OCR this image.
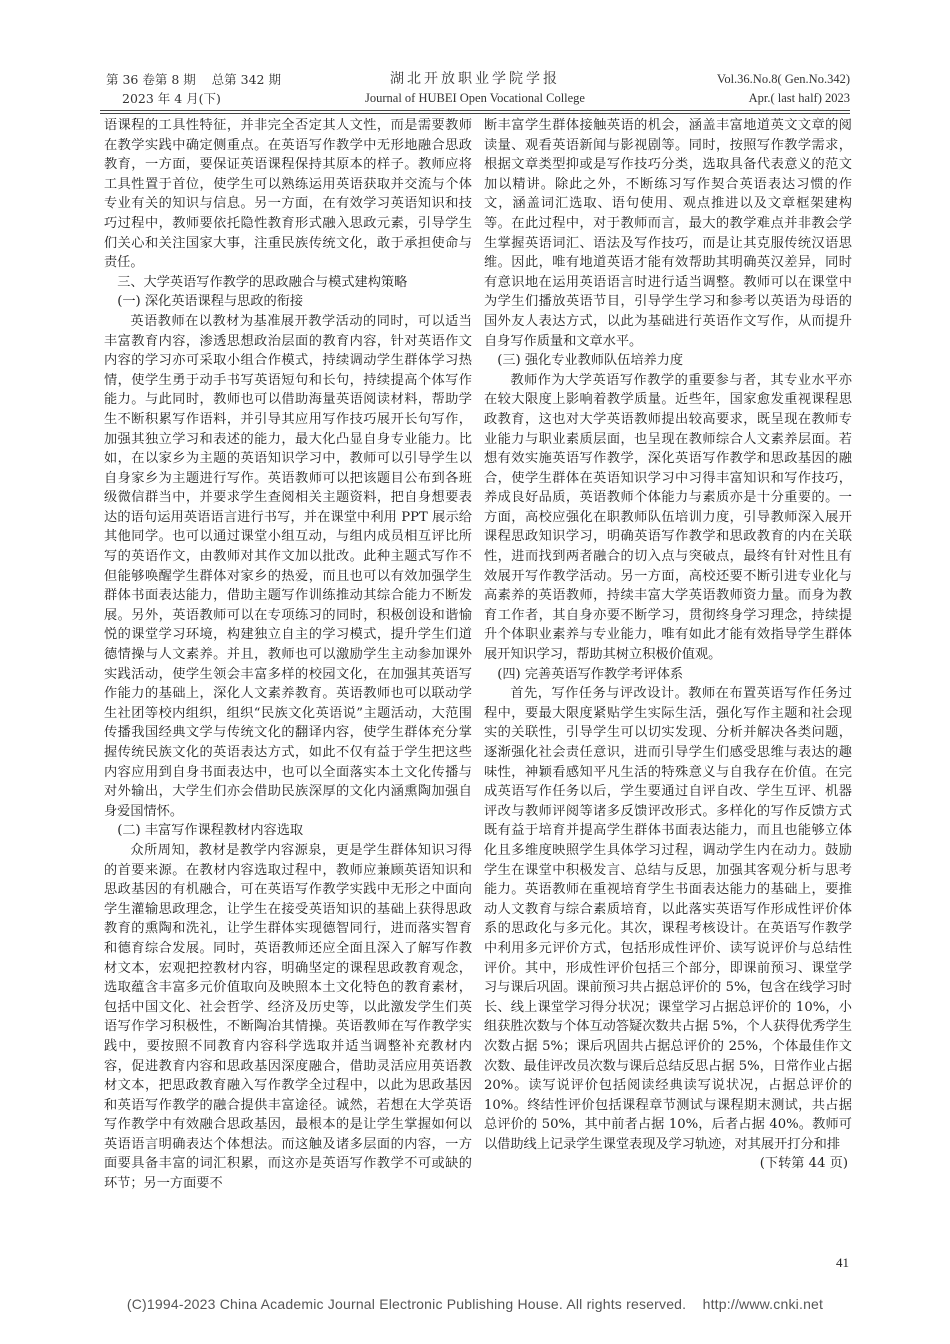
第 36 卷第 8 期    总第 342 期
2023 年 4 月(下)
湖北开放职业学院学报
Journal of HUBEI Open Vocational College
Vol.36.No.8( Gen.No.342)
Apr.( last half) 2023

语课程的工具性特征，并非完全否定其人文性，而是需要教师在教学实践中确定侧重点。在英语写作教学中无形地融合思政教育，一方面，要保证英语课程保持其原本的样子。教师应将工具性置于首位，使学生可以熟练运用英语获取并交流与个体专业有关的知识与信息。另一方面，在有效学习英语知识和技巧过程中，教师要依托隐性教育形式融入思政元素，引导学生们关心和关注国家大事，注重民族传统文化，敢于承担使命与责任。

三、大学英语写作教学的思政融合与模式建构策略
(一) 深化英语课程与思政的衔接

英语教师在以教材为基准展开教学活动的同时，可以适当丰富教育内容，渗透思想政治层面的教育内容，针对英语作文内容的学习亦可采取小组合作模式，持续调动学生群体学习热情，使学生勇于动手书写英语短句和长句，持续提高个体写作能力。与此同时，教师也可以借助海量英语阅读材料，帮助学生不断积累写作语料，并引导其应用写作技巧展开长句写作，加强其独立学习和表述的能力，最大化凸显自身专业能力。比如，在以家乡为主题的英语知识学习中，教师可以引导学生以自身家乡为主题进行写作。英语教师可以把该题目公布到各班级微信群当中，并要求学生查阅相关主题资料，把自身想要表达的语句运用英语语言进行书写，并在课堂中利用 PPT 展示给其他同学。也可以通过课堂小组互动，与组内成员相互评比所写的英语作文，由教师对其作文加以批改。此种主题式写作不但能够唤醒学生群体对家乡的热爱，而且也可以有效加强学生群体书面表达能力，借助主题写作训练推动其综合能力不断发展。另外，英语教师可以在专项练习的同时，积极创设和谐愉悦的课堂学习环境，构建独立自主的学习模式，提升学生们道德情操与人文素养。并且，教师也可以激励学生主动参加课外实践活动，使学生领会丰富多样的校园文化，在加强其英语写作能力的基础上，深化人文素养教育。英语教师也可以联动学生社团等校内组织，组织“民族文化英语说”主题活动，大范围传播我国经典文学与传统文化的翻译内容，使学生群体充分掌握传统民族文化的英语表达方式，如此不仅有益于学生把这些内容应用到自身书面表达中，也可以全面落实本土文化传播与对外输出，大学生们亦会借助民族深厚的文化内涵熏陶加强自身爱国情怀。

(二) 丰富写作课程教材内容选取

众所周知，教材是教学内容源泉，更是学生群体知识习得的首要来源。在教材内容选取过程中，教师应兼顾英语知识和思政基因的有机融合，可在英语写作教学实践中无形之中面向学生灌输思政理念，让学生在接受英语知识的基础上获得思政教育的熏陶和洗礼，让学生群体实现德智同行，进而落实智育和德育综合发展。同时，英语教师还应全面且深入了解写作教材文本，宏观把控教材内容，明确坚定的课程思政教育观念，选取蕴含丰富多元价值取向及映照本土文化特色的教育素材，包括中国文化、社会哲学、经济及历史等，以此激发学生们英语写作学习积极性，不断陶冶其情操。英语教师在写作教学实践中，要按照不同教育内容科学选取并适当调整补充教材内容，促进教育内容和思政基因深度融合，借助灵活应用英语教材文本，把思政教育融入写作教学全过程中，以此为思政基因和英语写作教学的融合提供丰富途径。诚然，若想在大学英语写作教学中有效融合思政基因，最根本的是让学生掌握如何以英语语言明确表达个体想法。而这触及诸多层面的内容，一方面要具备丰富的词汇积累，而这亦是英语写作教学不可或缺的环节；另一方面要不

断丰富学生群体接触英语的机会，涵盖丰富地道英文文章的阅读量、观看英语新闻与影视剧等。同时，按照写作教学需求，根据文章类型抑或是写作技巧分类，选取具备代表意义的范文加以精讲。除此之外，不断练习写作契合英语表达习惯的作文，涵盖词汇选取、语句使用、观点推进以及文章框架建构等。在此过程中，对于教师而言，最大的教学难点并非教会学生掌握英语词汇、语法及写作技巧，而是让其克服传统汉语思维。因此，唯有地道英语才能有效帮助其明确英汉差异，同时有意识地在运用英语语言时进行适当调整。教师可以在课堂中为学生们播放英语节目，引导学生学习和参考以英语为母语的国外友人表达方式，以此为基础进行英语作文写作，从而提升自身写作质量和文章水平。

(三) 强化专业教师队伍培养力度

教师作为大学英语写作教学的重要参与者，其专业水平亦在较大限度上影响着教学质量。近些年，国家愈发重视课程思政教育，这也对大学英语教师提出较高要求，既呈现在教师专业能力与职业素质层面，也呈现在教师综合人文素养层面。若想有效实施英语写作教学，深化英语写作教学和思政基因的融合，使学生群体在英语知识学习中习得丰富知识和写作技巧，养成良好品质，英语教师个体能力与素质亦是十分重要的。一方面，高校应强化在职教师队伍培训力度，引导教师深入展开课程思政知识学习，明确英语写作教学和思政教育的内在关联性，进而找到两者融合的切入点与突破点，最终有针对性且有效展开写作教学活动。另一方面，高校还要不断引进专业化与高素养的英语教师，持续丰富大学英语教师资力量。而身为教育工作者，其自身亦要不断学习，贯彻终身学习理念，持续提升个体职业素养与专业能力，唯有如此才能有效指导学生群体展开知识学习，帮助其树立积极价值观。

(四) 完善英语写作教学考评体系

首先，写作任务与评改设计。教师在布置英语写作任务过程中，要最大限度紧贴学生实际生活，强化写作主题和社会现实的关联性，引导学生可以切实发现、分析并解决各类问题，逐渐强化社会责任意识，进而引导学生们感受思维与表达的趣味性，神颖看感知平凡生活的特殊意义与自我存在价值。在完成英语写作任务以后，学生要通过自评自改、学生互评、机器评改与教师评阅等诸多反馈评改形式。多样化的写作反馈方式既有益于培育并提高学生群体书面表达能力，而且也能够立体化且多维度映照学生具体学习过程，调动学生内在动力。鼓励学生在课堂中积极发言、总结与反思，加强其客观分析与思考能力。英语教师在重视培育学生书面表达能力的基础上，要推动人文教育与综合素质培育，以此落实英语写作形成性评价体系的思政化与多元化。其次，课程考核设计。在英语写作教学中利用多元评价方式，包括形成性评价、读写说评价与总结性评价。其中，形成性评价包括三个部分，即课前预习、课堂学习与课后巩固。课前预习共占据总评价的 5%，包含在线学习时长、线上课堂学习得分状况；课堂学习占据总评价的 10%，小组获胜次数与个体互动答疑次数共占据 5%，个人获得优秀学生次数占据 5%；课后巩固共占据总评价的 25%，个体最佳作文次数、最佳评改员次数与课后总结反思占据 5%，日常作业占据 20%。读写说评价包括阅读经典读写说状况，占据总评价的 10%。终结性评价包括课程章节测试与课程期末测试，共占据总评价的 50%，其中前者占据 10%，后者占据 40%。教师可以借助线上记录学生课堂表现及学习轨迹，对其展开打分和排

(下转第 44 页)
41
(C)1994-2023 China Academic Journal Electronic Publishing House. All rights reserved.    http://www.cnki.net
